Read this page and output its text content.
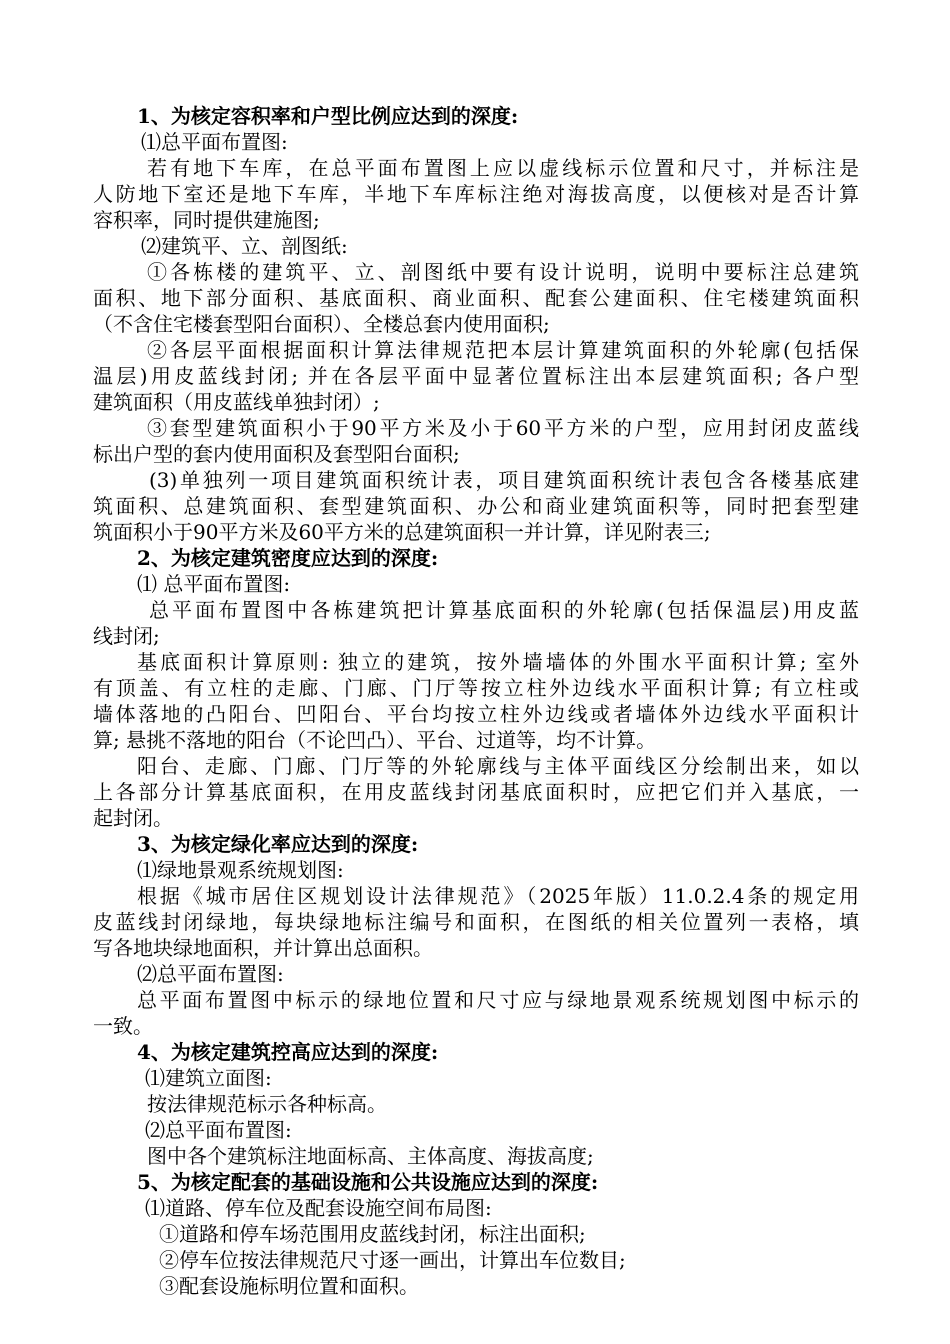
1、为核定容积率和户型比例应达到的深度:
⑴总平面布置图:
若有地下车库，在总平面布置图上应以虚线标示位置和尺寸，并标注是
人防地下室还是地下车库，半地下车库标注绝对海拔高度，以便核对是否计算
容积率，同时提供建施图;
⑵建筑平、立、剖图纸:
①各栋楼的建筑平、立、剖图纸中要有设计说明，说明中要标注总建筑
面积、地下部分面积、基底面积、商业面积、配套公建面积、住宅楼建筑面积
（不含住宅楼套型阳台面积）、全楼总套内使用面积;
②各层平面根据面积计算法律规范把本层计算建筑面积的外轮廓(包括保
温层)用皮蓝线封闭; 并在各层平面中显著位置标注出本层建筑面积; 各户型
建筑面积（用皮蓝线单独封闭）;
③套型建筑面积小于90平方米及小于60平方米的户型，应用封闭皮蓝线
标出户型的套内使用面积及套型阳台面积;
(3)单独列一项目建筑面积统计表，项目建筑面积统计表包含各楼基底建
筑面积、总建筑面积、套型建筑面积、办公和商业建筑面积等，同时把套型建
筑面积小于90平方米及60平方米的总建筑面积一并计算，详见附表三;
2、为核定建筑密度应达到的深度:
⑴ 总平面布置图:
总平面布置图中各栋建筑把计算基底面积的外轮廓(包括保温层)用皮蓝
线封闭;
基底面积计算原则: 独立的建筑，按外墙墙体的外围水平面积计算; 室外
有顶盖、有立柱的走廊、门廊、门厅等按立柱外边线水平面积计算; 有立柱或
墙体落地的凸阳台、凹阳台、平台均按立柱外边线或者墙体外边线水平面积计
算; 悬挑不落地的阳台（不论凹凸）、平台、过道等，均不计算。
阳台、走廊、门廊、门厅等的外轮廓线与主体平面线区分绘制出来，如以
上各部分计算基底面积，在用皮蓝线封闭基底面积时，应把它们并入基底，一
起封闭。
3、为核定绿化率应达到的深度:
⑴绿地景观系统规划图:
根据《城市居住区规划设计法律规范》（2025年版）11.0.2.4条的规定用
皮蓝线封闭绿地，每块绿地标注编号和面积，在图纸的相关位置列一表格，填
写各地块绿地面积，并计算出总面积。
⑵总平面布置图:
总平面布置图中标示的绿地位置和尺寸应与绿地景观系统规划图中标示的
一致。
4、为核定建筑控高应达到的深度:
⑴建筑立面图:
按法律规范标示各种标高。
⑵总平面布置图:
图中各个建筑标注地面标高、主体高度、海拔高度;
5、为核定配套的基础设施和公共设施应达到的深度:
⑴道路、停车位及配套设施空间布局图:
①道路和停车场范围用皮蓝线封闭，标注出面积;
②停车位按法律规范尺寸逐一画出，计算出车位数目;
③配套设施标明位置和面积。
